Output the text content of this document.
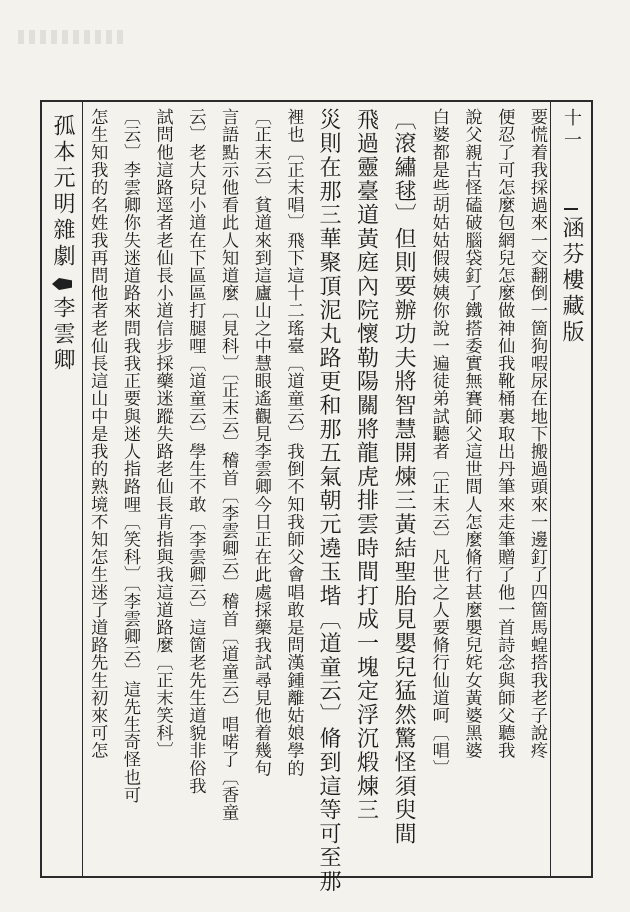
孤本元明雜劇
李雲卿	要慌着我採過來一交翻倒一箇狗㗇尿在地下搬過頭來一邊釘了四箇馬蝗搭我老子說疼
便忍了可怎麼包網兒怎麼做神仙我靴桶裏取出丹筆來走筆贈了他一首詩念與師父聽我
說父親古怪磕破腦袋釘了鐵搭委實無賽師父這世間人怎麼脩行甚麼嬰兒姹女黃婆黑婆
白婆都是些胡姑姑假姨姨你說一遍徒弟試聽者〔正末云〕凡世之人要脩行仙道呵〔唱〕
〔滾繡毬〕但則要辦功夫將智慧開煉三黃結聖胎見嬰兒猛然驚怪須臾間
飛過靈臺道黃庭內院懷勒陽關將龍虎排雲時間打成一塊定浮沉煅煉三
災則在那三華聚頂泥丸路更和那五氣朝元遶玉堦〔道童云〕脩到這等可至那
裡也〔正末唱〕飛下這十二瑤臺〔道童云〕我倒不知我師父會唱敢是問漢鍾離姑娘學的
〔正末云〕貧道來到這廬山之中慧眼遙觀見李雲卿今日正在此處採藥我試尋見他着幾句
言語點示他看此人知道麼〔見科〕〔正末云〕稽首〔李雲卿云〕稽首〔道童云〕唱喏了〔香童
云〕老大兒小道在下區區打腿哩〔道童云〕學生不敢〔李雲卿云〕這箇老先生道貌非俗我
試問他這路逕者老仙長小道信步採藥迷蹤失路老仙長肯指與我這道路麼〔正末笑科〕
〔云〕李雲卿你失迷道路來問我我正要與迷人指路哩〔笑科〕〔李雲卿云〕這先生奇怪也可
怎生知我的名姓我再問他者老仙長這山中是我的熟境不知怎生迷了道路先生初來可怎	十一
涵芬樓藏版
